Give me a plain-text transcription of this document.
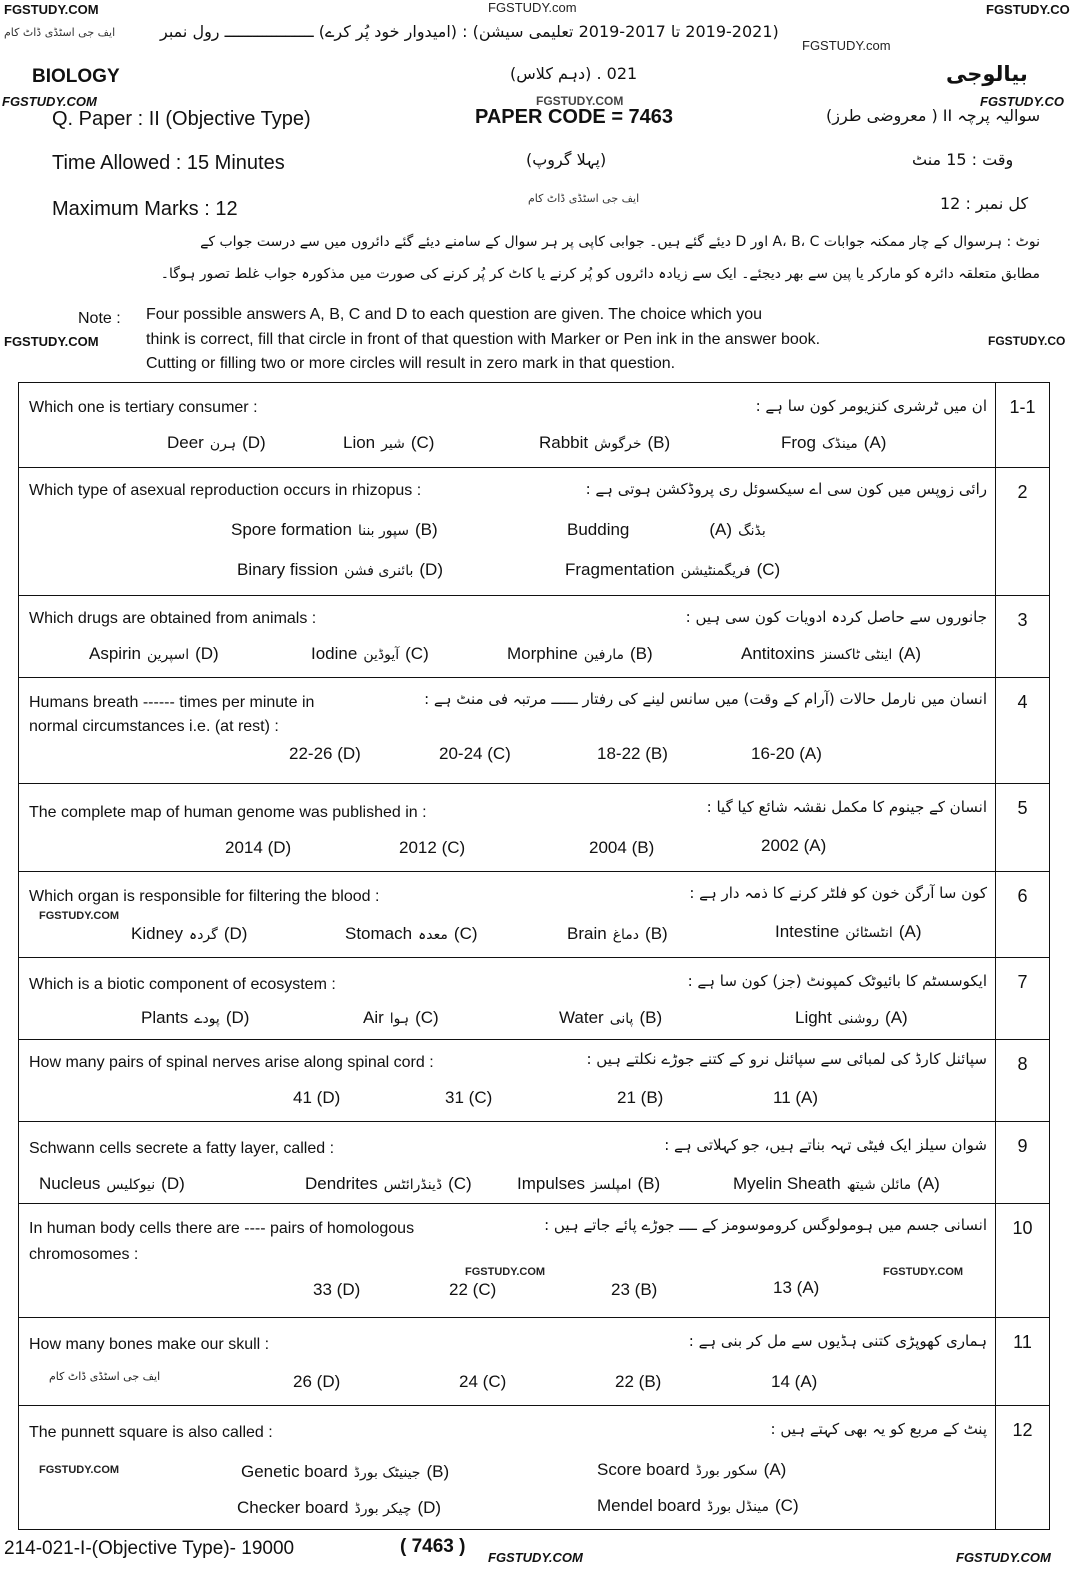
FGSTUDY.COM	FGSTUDY.com	FGSTUDY.CO
ایف جی اسٹڈی ڈاٹ کام	(2019-2021 تا 2017-2019 تعلیمی سیشن) : (امیدوار خود پُر کرے) ـــــــــــــــــــ رول نمبر
FGSTUDY.com
BIOLOGY	021 . (دہم کلاس)	بیالوجی
FGSTUDY.COM	FGSTUDY.COM	FGSTUDY.CO
Q. Paper : II (Objective Type)	PAPER CODE = 7463	سوالیہ پرچہ II ( معروضی طرز)
Time Allowed : 15 Minutes	(پہلا گروپ)	وقت : 15 منٹ
Maximum Marks : 12	ایف جی اسٹڈی ڈاٹ کام	کل نمبر : 12
نوٹ : ہرسوال کے چار ممکنہ جوابات A، B، C اور D دیئے گئے ہیں۔ جوابی کاپی پر ہر سوال کے سامنے دیئے گئے دائروں میں سے درست جواب کے
مطابق متعلقہ دائرہ کو مارکر یا پین سے بھر دیجئے۔ ایک سے زیادہ دائروں کو پُر کرنے یا کاٹ کر پُر کرنے کی صورت میں مذکورہ جواب غلط تصور ہوگا۔
Note : Four possible answers A, B, C and D to each question are given. The choice which you
FGSTUDY.COM	think is correct, fill that circle in front of that question with Marker or Pen ink in the answer book.	FGSTUDY.CO
Cutting or filling two or more circles will result in zero mark in that question.
1-1
Which one is tertiary consumer :	ان میں ٹرشری کنزیومر کون سا ہے :
Deer ہرن (D)	Lion شیر (C)	Rabbit خرگوش (B)	Frog مینڈک (A)
2
Which type of asexual reproduction occurs in rhizopus :	رائی زوپس میں کون سی اے سیکسوئل ری پروڈکشن ہوتی ہے :
Spore formation سپور بننا (B)	Budding	(A) بڈنگ
Binary fission بائنری فشن (D)	Fragmentation فریگمنٹیشن (C)
3
Which drugs are obtained from animals :	جانوروں سے حاصل کردہ ادویات کون سی ہیں :
Aspirin اسپرین (D)	Iodine آیوڈین (C)	Morphine مارفین (B)	Antitoxins اینٹی ٹاکسنز (A)
4
Humans breath ------ times per minute in
normal circumstances i.e. (at rest) :
انسان میں نارمل حالات (آرام کے وقت) میں سانس لینے کی رفتار ــــــ مرتبہ فی منٹ ہے :
22-26 (D)	20-24 (C)	18-22 (B)	16-20 (A)
5
The complete map of human genome was published in :	انسان کے جینوم کا مکمل نقشہ شائع کیا گیا :
2014 (D)	2012 (C)	2004 (B)	2002 (A)
6
Which organ is responsible for filtering the blood :	کون سا آرگن خون کو فلٹر کرنے کا ذمہ دار ہے :
FGSTUDY.COM
Kidney گردہ (D)	Stomach معدہ (C)	Brain دماغ (B)	Intestine انٹسٹائن (A)
7
Which is a biotic component of ecosystem :	ایکوسسٹم کا بائیوٹک کمپونٹ (جز) کون سا ہے :
Plants پودے (D)	Air ہوا (C)	Water پانی (B)	Light روشنی (A)
8
How many pairs of spinal nerves arise along spinal cord :	سپائنل کارڈ کی لمبائی سے سپائنل نرو کے کتنے جوڑے نکلتے ہیں :
41 (D)	31 (C)	21 (B)	11 (A)
9
Schwann cells secrete a fatty layer, called :	شوان سیلز ایک فیٹی تہہ بناتے ہیں، جو کہلاتی ہے :
Nucleus نیوکلیس (D)	Dendrites ڈینڈرائٹس (C)	Impulses امپلسز (B)	Myelin Sheath مائلن شیتھ (A)
10
In human body cells there are ---- pairs of homologous
chromosomes :
انسانی جسم میں ہومولوگس کروموسومز کے ــــ جوڑے پائے جاتے ہیں :
FGSTUDY.COM	FGSTUDY.COM
33 (D)	22 (C)	23 (B)	13 (A)
11
How many bones make our skull :	ہماری کھوپڑی کتنی ہڈیوں سے مل کر بنی ہے :
ایف جی اسٹڈی ڈاٹ کام	26 (D)	24 (C)	22 (B)	14 (A)
12
The punnett square is also called :	پنٹ کے مربع کو یہ بھی کہتے ہیں :
FGSTUDY.COM	Genetic board جینیٹک بورڈ (B)	Score board سکور بورڈ (A)
Checker board چیکر بورڈ (D)	Mendel board مینڈل بورڈ (C)
214-021-I-(Objective Type)- 19000	( 7463 )
FGSTUDY.COM	FGSTUDY.COM
